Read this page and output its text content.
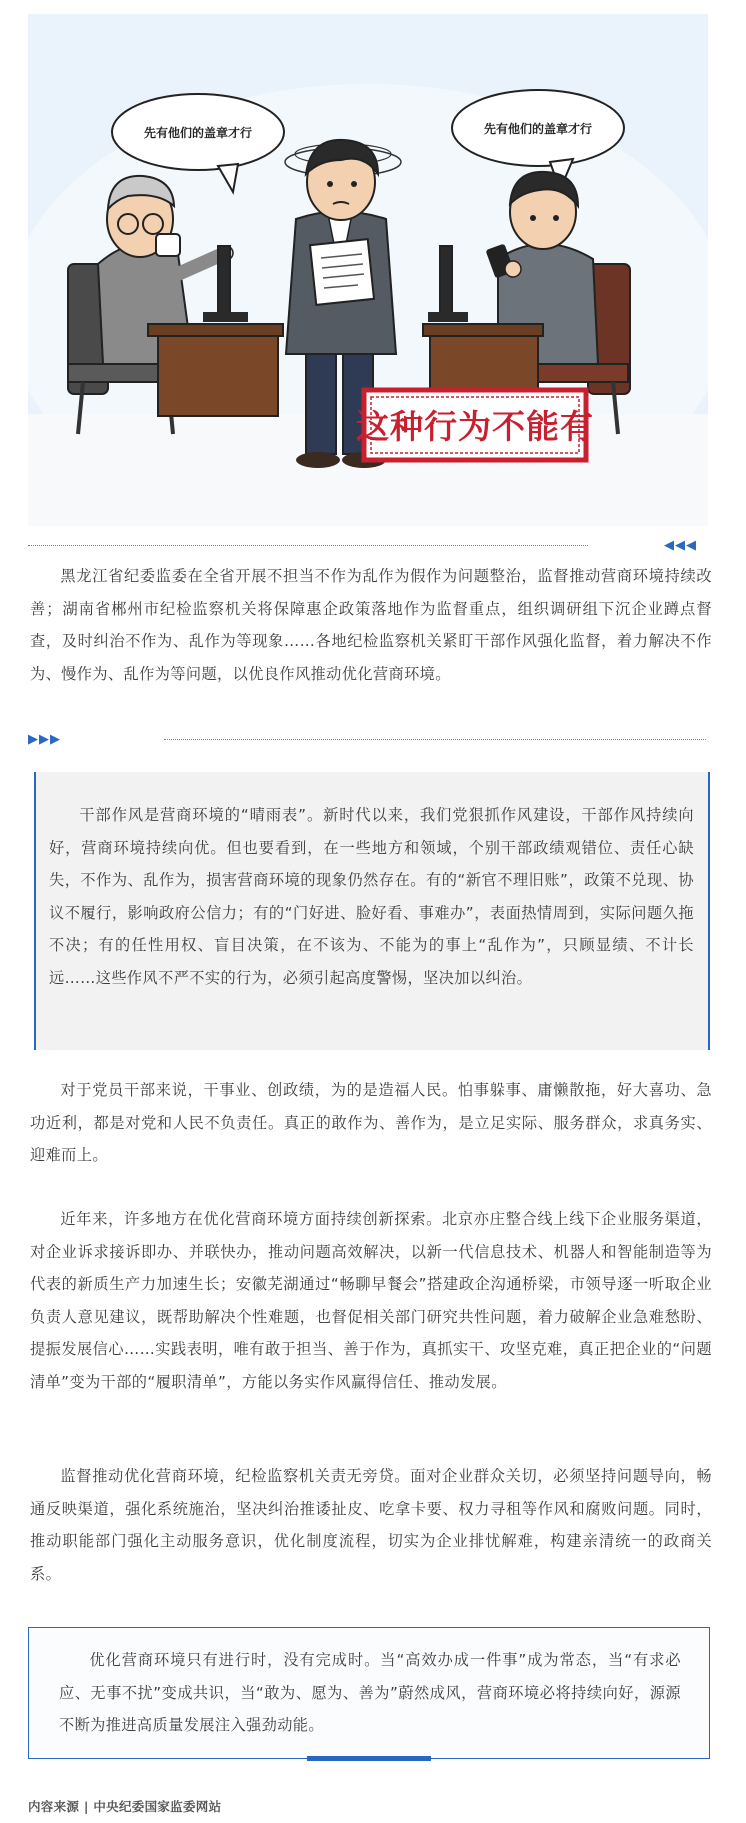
先有他们的盖章才行	先有他们的盖章才行
这种行为不能有
◀◀◀

黑龙江省纪委监委在全省开展不担当不作为乱作为假作为问题整治，监督推动营商环境持续改善；湖南省郴州市纪检监察机关将保障惠企政策落地作为监督重点，组织调研组下沉企业蹲点督查，及时纠治不作为、乱作为等现象……各地纪检监察机关紧盯干部作风强化监督，着力解决不作为、慢作为、乱作为等问题，以优良作风推动优化营商环境。

▶▶▶

干部作风是营商环境的“晴雨表”。新时代以来，我们党狠抓作风建设，干部作风持续向好，营商环境持续向优。但也要看到，在一些地方和领域，个别干部政绩观错位、责任心缺失，不作为、乱作为，损害营商环境的现象仍然存在。有的“新官不理旧账”，政策不兑现、协议不履行，影响政府公信力；有的“门好进、脸好看、事难办”，表面热情周到，实际问题久拖不决；有的任性用权、盲目决策，在不该为、不能为的事上“乱作为”，只顾显绩、不计长远……这些作风不严不实的行为，必须引起高度警惕，坚决加以纠治。

对于党员干部来说，干事业、创政绩，为的是造福人民。怕事躲事、庸懒散拖，好大喜功、急功近利，都是对党和人民不负责任。真正的敢作为、善作为，是立足实际、服务群众，求真务实、迎难而上。

近年来，许多地方在优化营商环境方面持续创新探索。北京亦庄整合线上线下企业服务渠道，对企业诉求接诉即办、并联快办，推动问题高效解决，以新一代信息技术、机器人和智能制造等为代表的新质生产力加速生长；安徽芜湖通过“畅聊早餐会”搭建政企沟通桥梁，市领导逐一听取企业负责人意见建议，既帮助解决个性难题，也督促相关部门研究共性问题，着力破解企业急难愁盼、提振发展信心……实践表明，唯有敢于担当、善于作为，真抓实干、攻坚克难，真正把企业的“问题清单”变为干部的“履职清单”，方能以务实作风赢得信任、推动发展。

监督推动优化营商环境，纪检监察机关责无旁贷。面对企业群众关切，必须坚持问题导向，畅通反映渠道，强化系统施治，坚决纠治推诿扯皮、吃拿卡要、权力寻租等作风和腐败问题。同时，推动职能部门强化主动服务意识，优化制度流程，切实为企业排忧解难，构建亲清统一的政商关系。

优化营商环境只有进行时，没有完成时。当“高效办成一件事”成为常态，当“有求必应、无事不扰”变成共识，当“敢为、愿为、善为”蔚然成风，营商环境必将持续向好，源源不断为推进高质量发展注入强劲动能。

内容来源 | 中央纪委国家监委网站
